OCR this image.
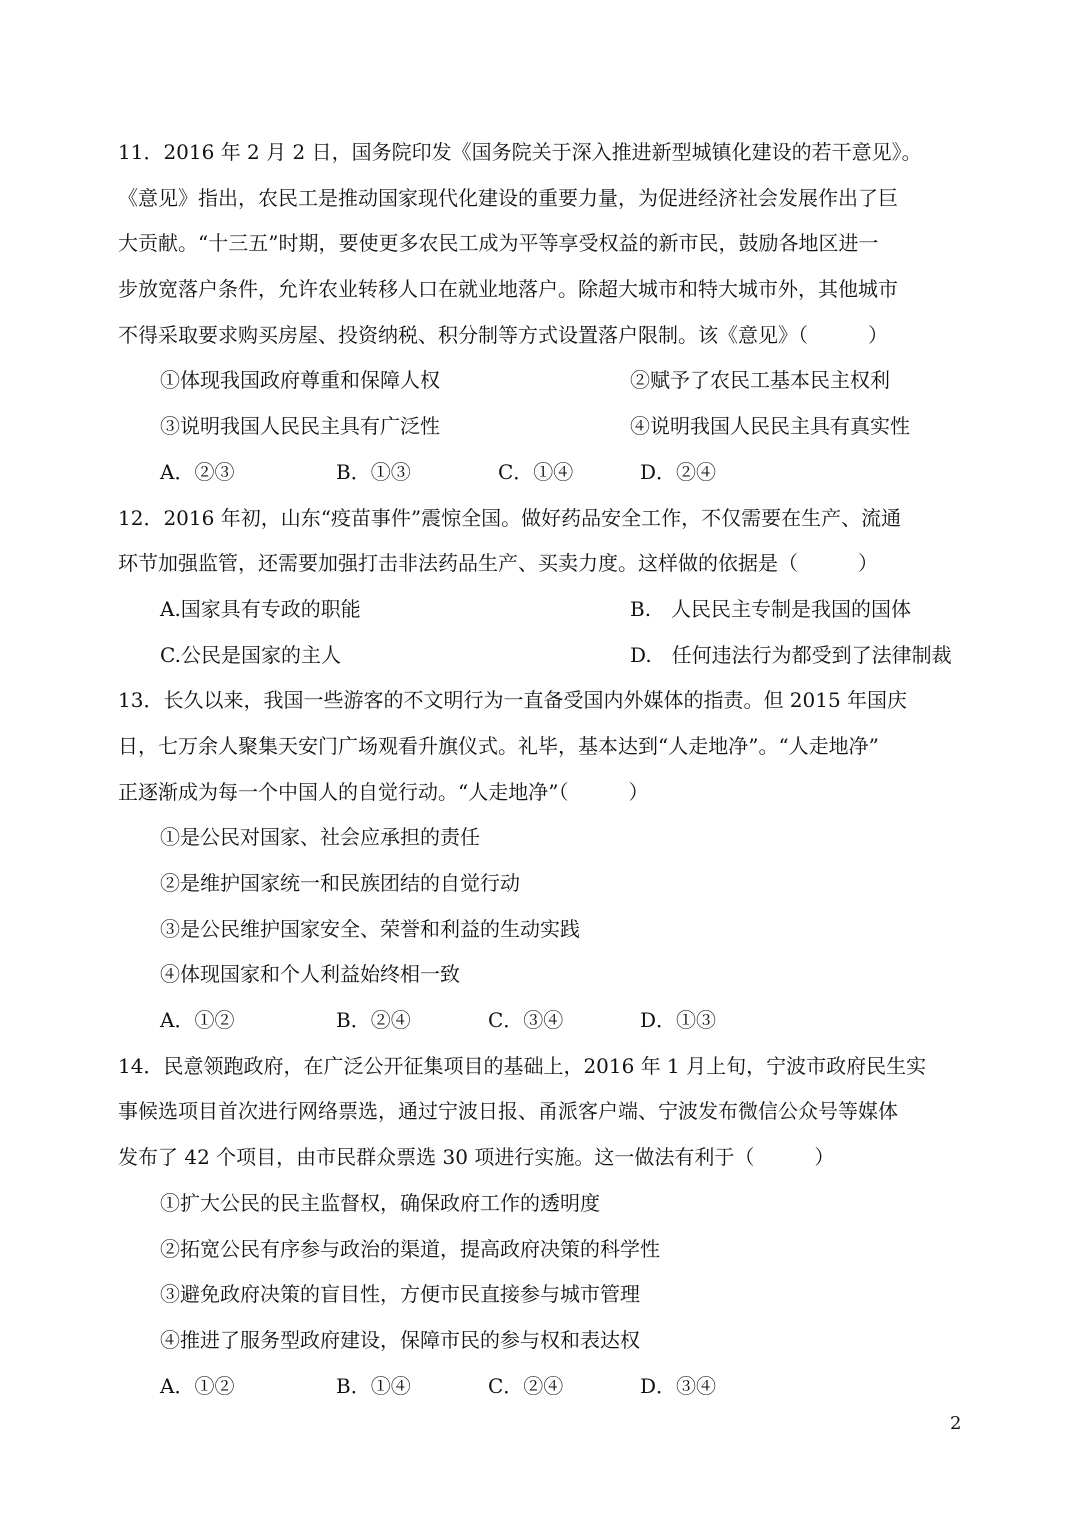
11．2016 年 2 月 2 日，国务院印发《国务院关于深入推进新型城镇化建设的若干意见》。
《意见》指出，农民工是推动国家现代化建设的重要力量，为促进经济社会发展作出了巨
大贡献。“十三五”时期，要使更多农民工成为平等享受权益的新市民，鼓励各地区进一
步放宽落户条件，允许农业转移人口在就业地落户。除超大城市和特大城市外，其他城市
不得采取要求购买房屋、投资纳税、积分制等方式设置落户限制。该《意见》（　　　）
①体现我国政府尊重和保障人权	②赋予了农民工基本民主权利
③说明我国人民民主具有广泛性	④说明我国人民民主具有真实性
A．②③	B．①③	C．①④	D．②④
12．2016 年初，山东“疫苗事件”震惊全国。做好药品安全工作，不仅需要在生产、流通
环节加强监管，还需要加强打击非法药品生产、买卖力度。这样做的依据是（　　　）
A.国家具有专政的职能	B.　人民民主专制是我国的国体
C.公民是国家的主人	D.　任何违法行为都受到了法律制裁
13．长久以来，我国一些游客的不文明行为一直备受国内外媒体的指责。但 2015 年国庆
日，七万余人聚集天安门广场观看升旗仪式。礼毕，基本达到“人走地净”。“人走地净”
正逐渐成为每一个中国人的自觉行动。“人走地净”（　　　）
①是公民对国家、社会应承担的责任
②是维护国家统一和民族团结的自觉行动
③是公民维护国家安全、荣誉和利益的生动实践
④体现国家和个人利益始终相一致
A．①②	B．②④	C．③④	D．①③
14．民意领跑政府，在广泛公开征集项目的基础上，2016 年 1 月上旬，宁波市政府民生实
事候选项目首次进行网络票选，通过宁波日报、甬派客户端、宁波发布微信公众号等媒体
发布了 42 个项目，由市民群众票选 30 项进行实施。这一做法有利于（　　　）
①扩大公民的民主监督权，确保政府工作的透明度
②拓宽公民有序参与政治的渠道，提高政府决策的科学性
③避免政府决策的盲目性，方便市民直接参与城市管理
④推进了服务型政府建设，保障市民的参与权和表达权
A．①②	B．①④	C．②④	D．③④
2
